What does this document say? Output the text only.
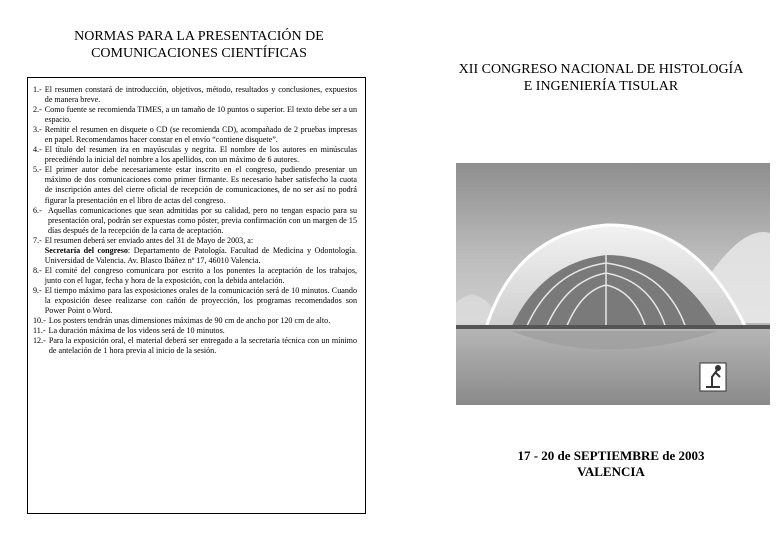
NORMAS PARA LA PRESENTACIÓN DE
COMUNICACIONES CIENTÍFICAS
1.- El resumen constará de introducción, objetivos, método, resultados y conclusiones, expuestos de manera breve.
2.- Como fuente se recomienda TIMES, a un tamaño de 10 puntos o superior. El texto debe ser a un espacio.
3.- Remitir el resumen en disquete o CD (se recomienda CD), acompañado de 2 pruebas impresas en papel. Recomendamos hacer constar en el envío “contiene disquete”.
4.- El título del resumen ira en mayúsculas y negrita. El nombre de los autores en minúsculas precediéndo la inicial del nombre a los apellidos, con un máximo de 6 autores.
5.- El primer autor debe necesariamente estar inscrito en el congreso, pudiendo presentar un máximo de dos comunicaciones como primer firmante. Es necesario haber satisfecho la cuota de inscripción antes del cierre oficial de recepción de comunicaciones, de no ser así no podrá figurar la presentación en el libro de actas del congreso.
6.- Aquellas comunicaciones que sean admitidas por su calidad, pero no tengan espacio para su presentación oral, podrán ser expuestas como póster, previa confirmación con un margen de 15 días después de la recepción de la carta de aceptación.
7.- El resumen deberá ser enviado antes del 31 de Mayo de 2003, a:
Secretaría del congreso: Departamento de Patología. Facultad de Medicina y Odontología. Universidad de Valencia. Av. Blasco Ibáñez nº 17, 46010 Valencia.
8.- El comité del congreso comunicara por escrito a los ponentes la aceptación de los trabajos, junto con el lugar, fecha y hora de la exposición, con la debida antelación.
9.- El tiempo máximo para las exposiciones orales de la comunicación será de 10 minutos. Cuando la exposición desee realizarse con cañón de proyección, los programas recomendados son Power Point o Word.
10.- Los posters tendrán unas dimensiones máximas de 90 cm de ancho por 120 cm de alto.
11.- La duración máxima de los videos será de 10 minutos.
12.- Para la exposición oral, el material deberá ser entregado a la secretaría técnica con un mínimo de antelación de 1 hora previa al inicio de la sesión.
XII CONGRESO NACIONAL DE HISTOLOGÍA
E INGENIERÍA TISULAR
17 - 20 de SEPTIEMBRE de 2003
VALENCIA
